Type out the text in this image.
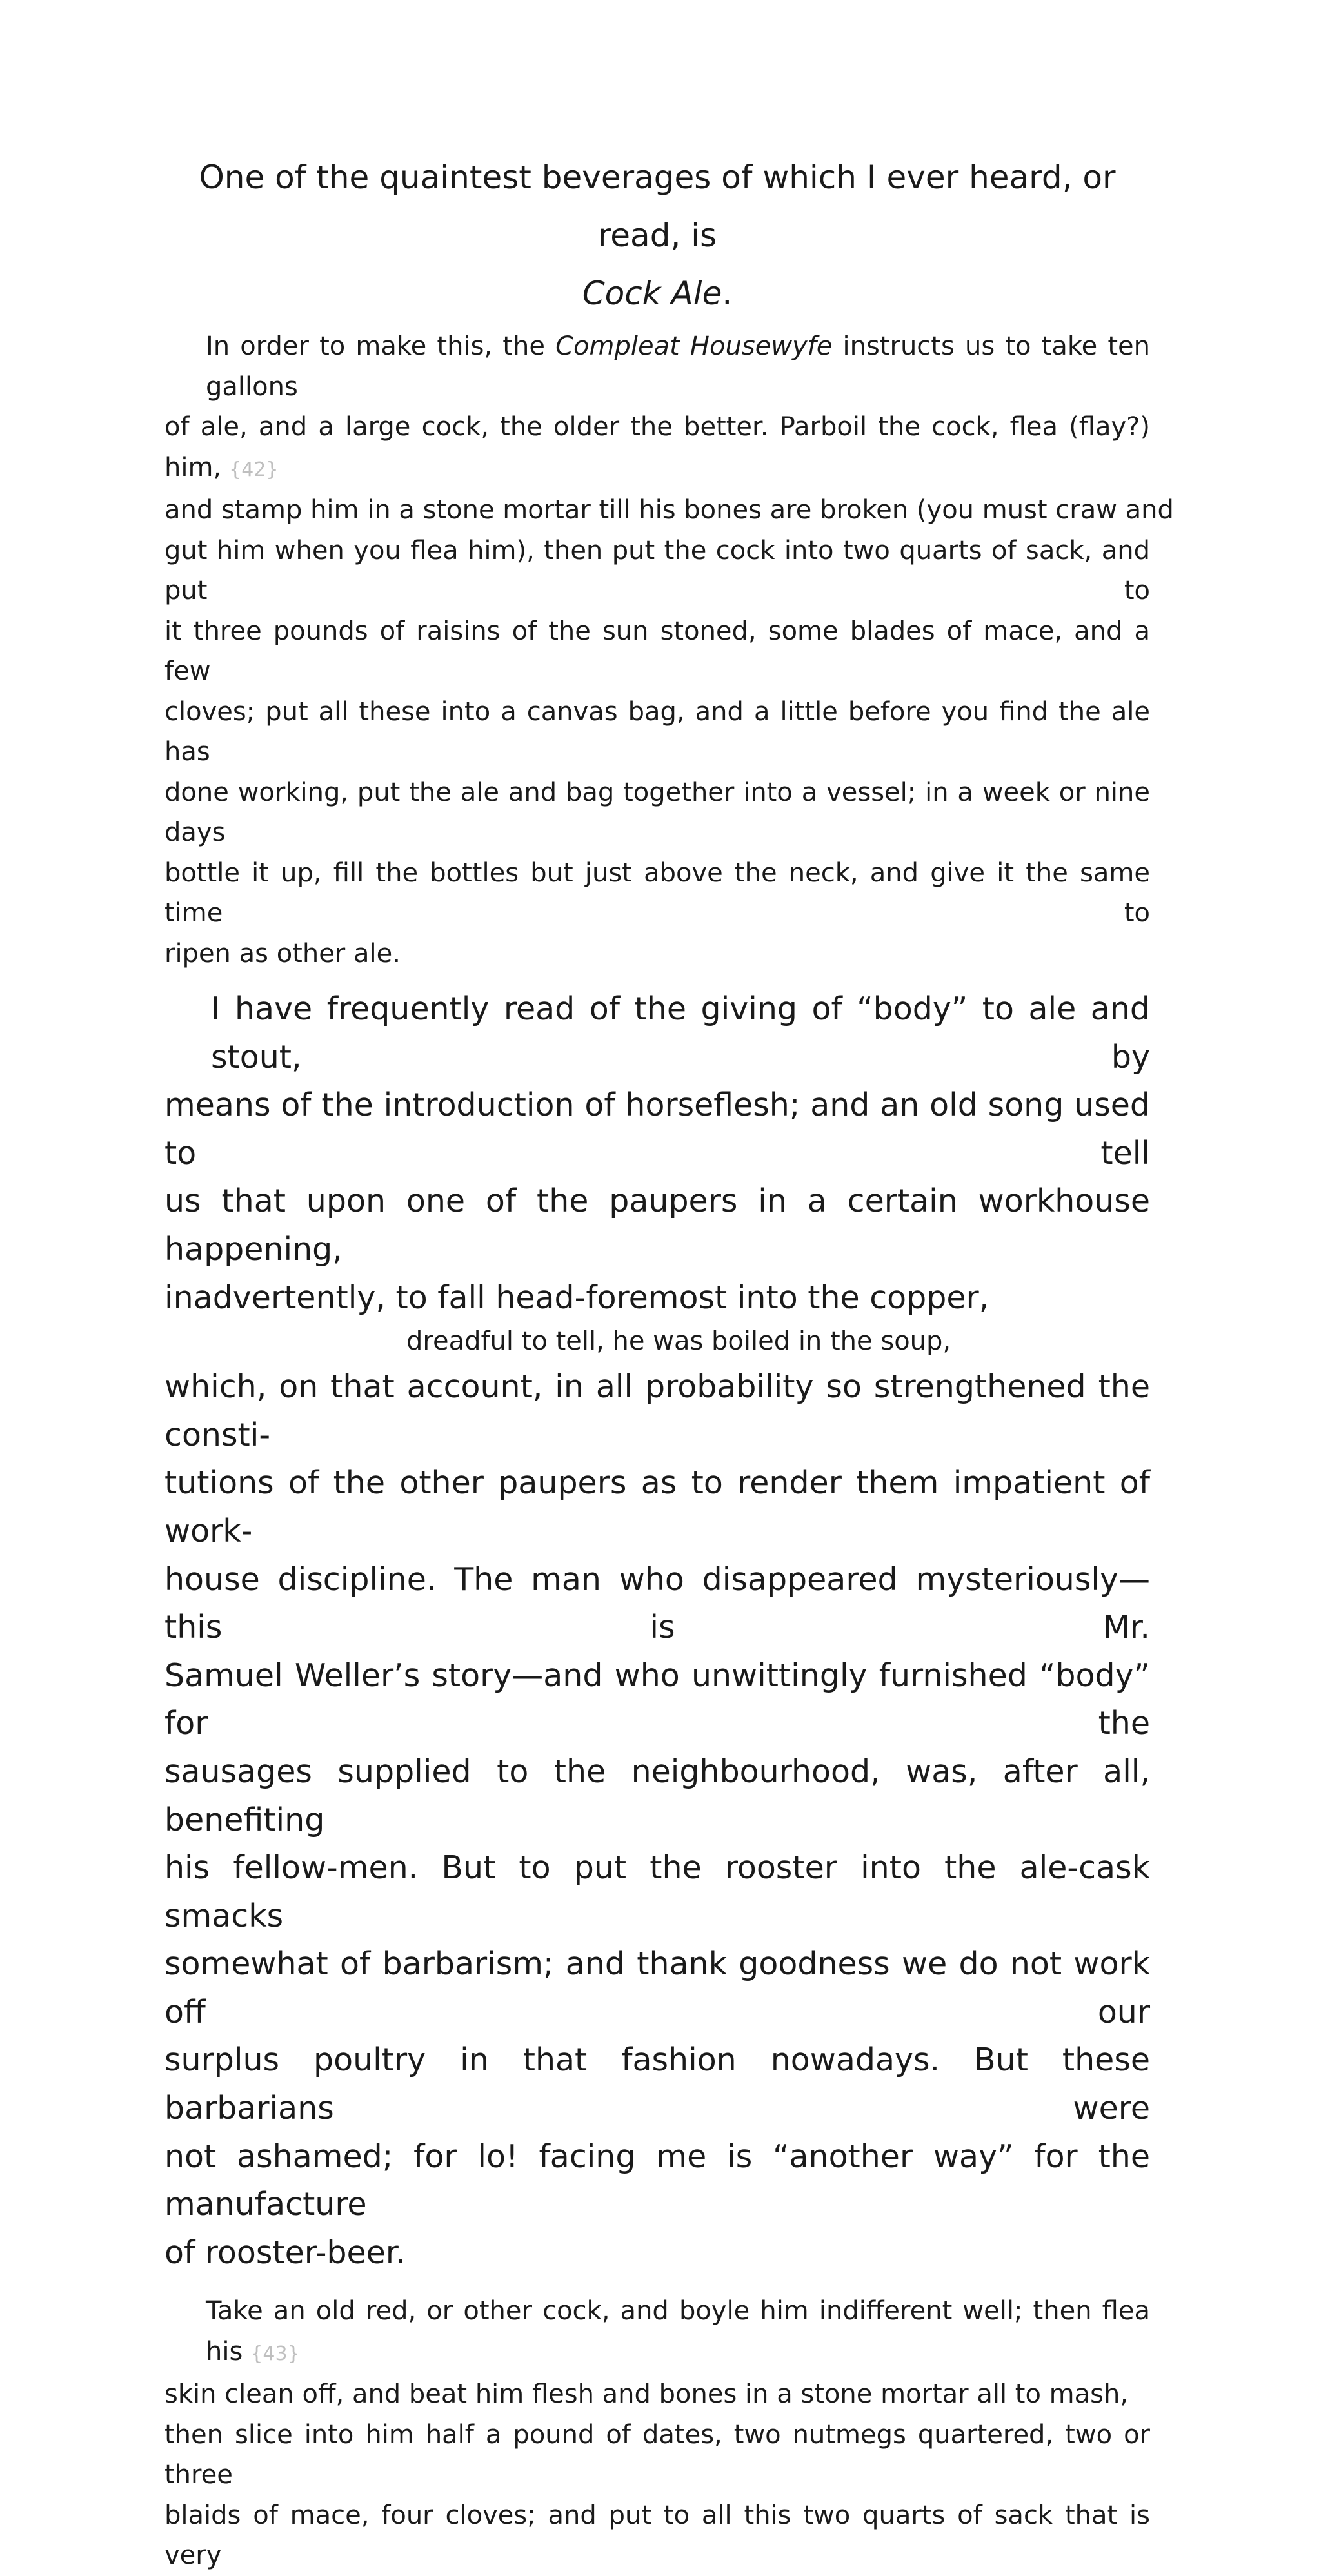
One of the quaintest beverages of which I ever heard, or read, is
Cock Ale.

In order to make this, the Compleat Housewyfe instructs us to take ten gallons
of ale, and a large cock, the older the better. Parboil the cock, flea (flay?) him, {42}
and stamp him in a stone mortar till his bones are broken (you must craw and
gut him when you flea him), then put the cock into two quarts of sack, and put to
it three pounds of raisins of the sun stoned, some blades of mace, and a few
cloves; put all these into a canvas bag, and a little before you find the ale has
done working, put the ale and bag together into a vessel; in a week or nine days
bottle it up, fill the bottles but just above the neck, and give it the same time to
ripen as other ale.

I have frequently read of the giving of “body” to ale and stout, by
means of the introduction of horseflesh; and an old song used to tell
us that upon one of the paupers in a certain workhouse happening,
inadvertently, to fall head-foremost into the copper,

dreadful to tell, he was boiled in the soup,

which, on that account, in all probability so strengthened the consti-
tutions of the other paupers as to render them impatient of work-
house discipline. The man who disappeared mysteriously—this is Mr.
Samuel Weller’s story—and who unwittingly furnished “body” for the
sausages supplied to the neighbourhood, was, after all, benefiting
his fellow-men. But to put the rooster into the ale-cask smacks
somewhat of barbarism; and thank goodness we do not work off our
surplus poultry in that fashion nowadays. But these barbarians were
not ashamed; for lo! facing me is “another way” for the manufacture
of rooster-beer.

Take an old red, or other cock, and boyle him indifferent well; then flea his {43}
skin clean off, and beat him flesh and bones in a stone mortar all to mash,
then slice into him half a pound of dates, two nutmegs quartered, two or three
blaids of mace, four cloves; and put to all this two quarts of sack that is very
